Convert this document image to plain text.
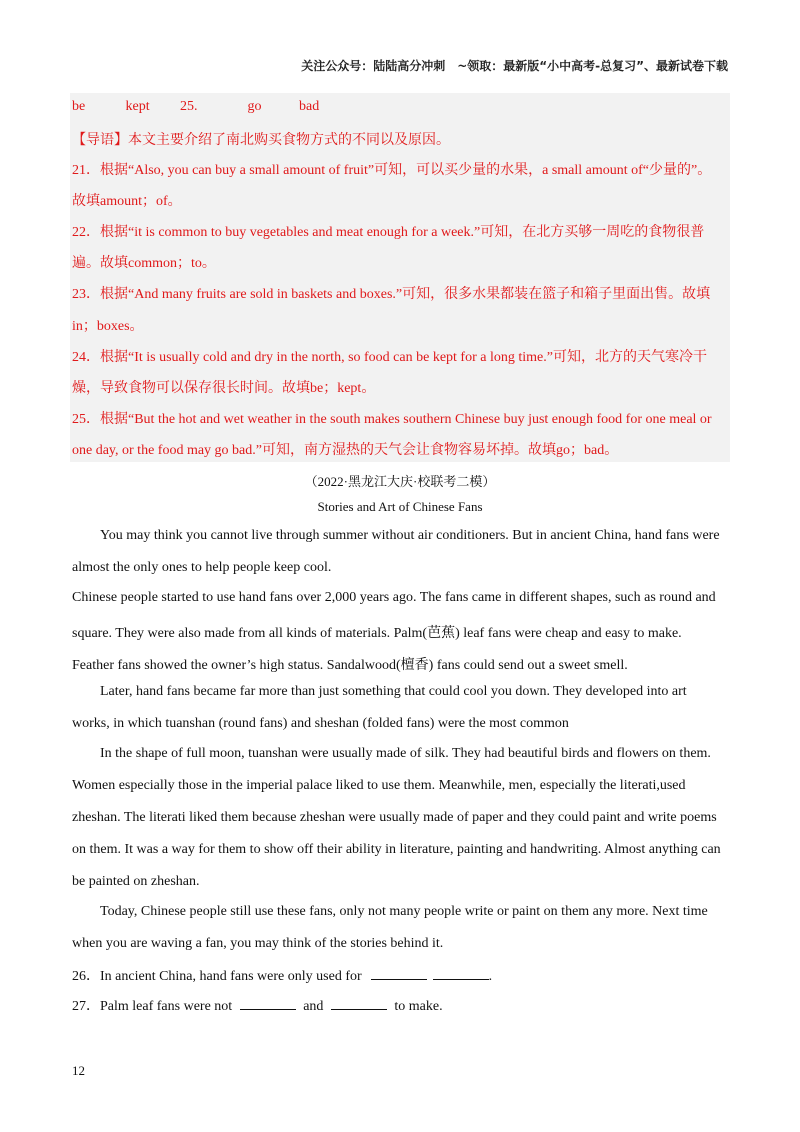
关注公众号：陆陆高分冲刺　~领取：最新版“小中高考-总复习”、最新试卷下载
be	kept 25.	go	bad
【导语】本文主要介绍了南北购买食物方式的不同以及原因。
21．根据“Also, you can buy a small amount of fruit”可知，可以买少量的水果，a small amount of“少量的”。
故填amount；of。
22．根据“it is common to buy vegetables and meat enough for a week.”可知，在北方买够一周吃的食物很普
遍。故填common；to。
23．根据“And many fruits are sold in baskets and boxes.”可知，很多水果都装在篮子和箱子里面出售。故填
in；boxes。
24．根据“It is usually cold and dry in the north, so food can be kept for a long time.”可知，北方的天气寒冷干
燥，导致食物可以保存很长时间。故填be；kept。
25．根据“But the hot and wet weather in the south makes southern Chinese buy just enough food for one meal or
one day, or the food may go bad.”可知，南方湿热的天气会让食物容易坏掉。故填go；bad。
（2022·黑龙江大庆·校联考二模）
Stories and Art of Chinese Fans
You may think you cannot live through summer without air conditioners. But in ancient China, hand fans were
almost the only ones to help people keep cool.
Chinese people started to use hand fans over 2,000 years ago. The fans came in different shapes, such as round and
square. They were also made from all kinds of materials. Palm(芭蕉) leaf fans were cheap and easy to make.
Feather fans showed the owner’s high status. Sandalwood(檀香) fans could send out a sweet smell.
Later, hand fans became far more than just something that could cool you down. They developed into art
works, in which tuanshan (round fans) and sheshan (folded fans) were the most common
In the shape of full moon, tuanshan were usually made of silk. They had beautiful birds and flowers on them.
Women especially those in the imperial palace liked to use them. Meanwhile, men, especially the literati,used
zheshan. The literati liked them because zheshan were usually made of paper and they could paint and write poems
on them. It was a way for them to show off their ability in literature, painting and handwriting. Almost anything can
be painted on zheshan.
Today, Chinese people still use these fans, only not many people write or paint on them any more. Next time
when you are waving a fan, you may think of the stories behind it.
26．In ancient China, hand fans were only used for	.
27．Palm leaf fans were not	and	to make.
12
